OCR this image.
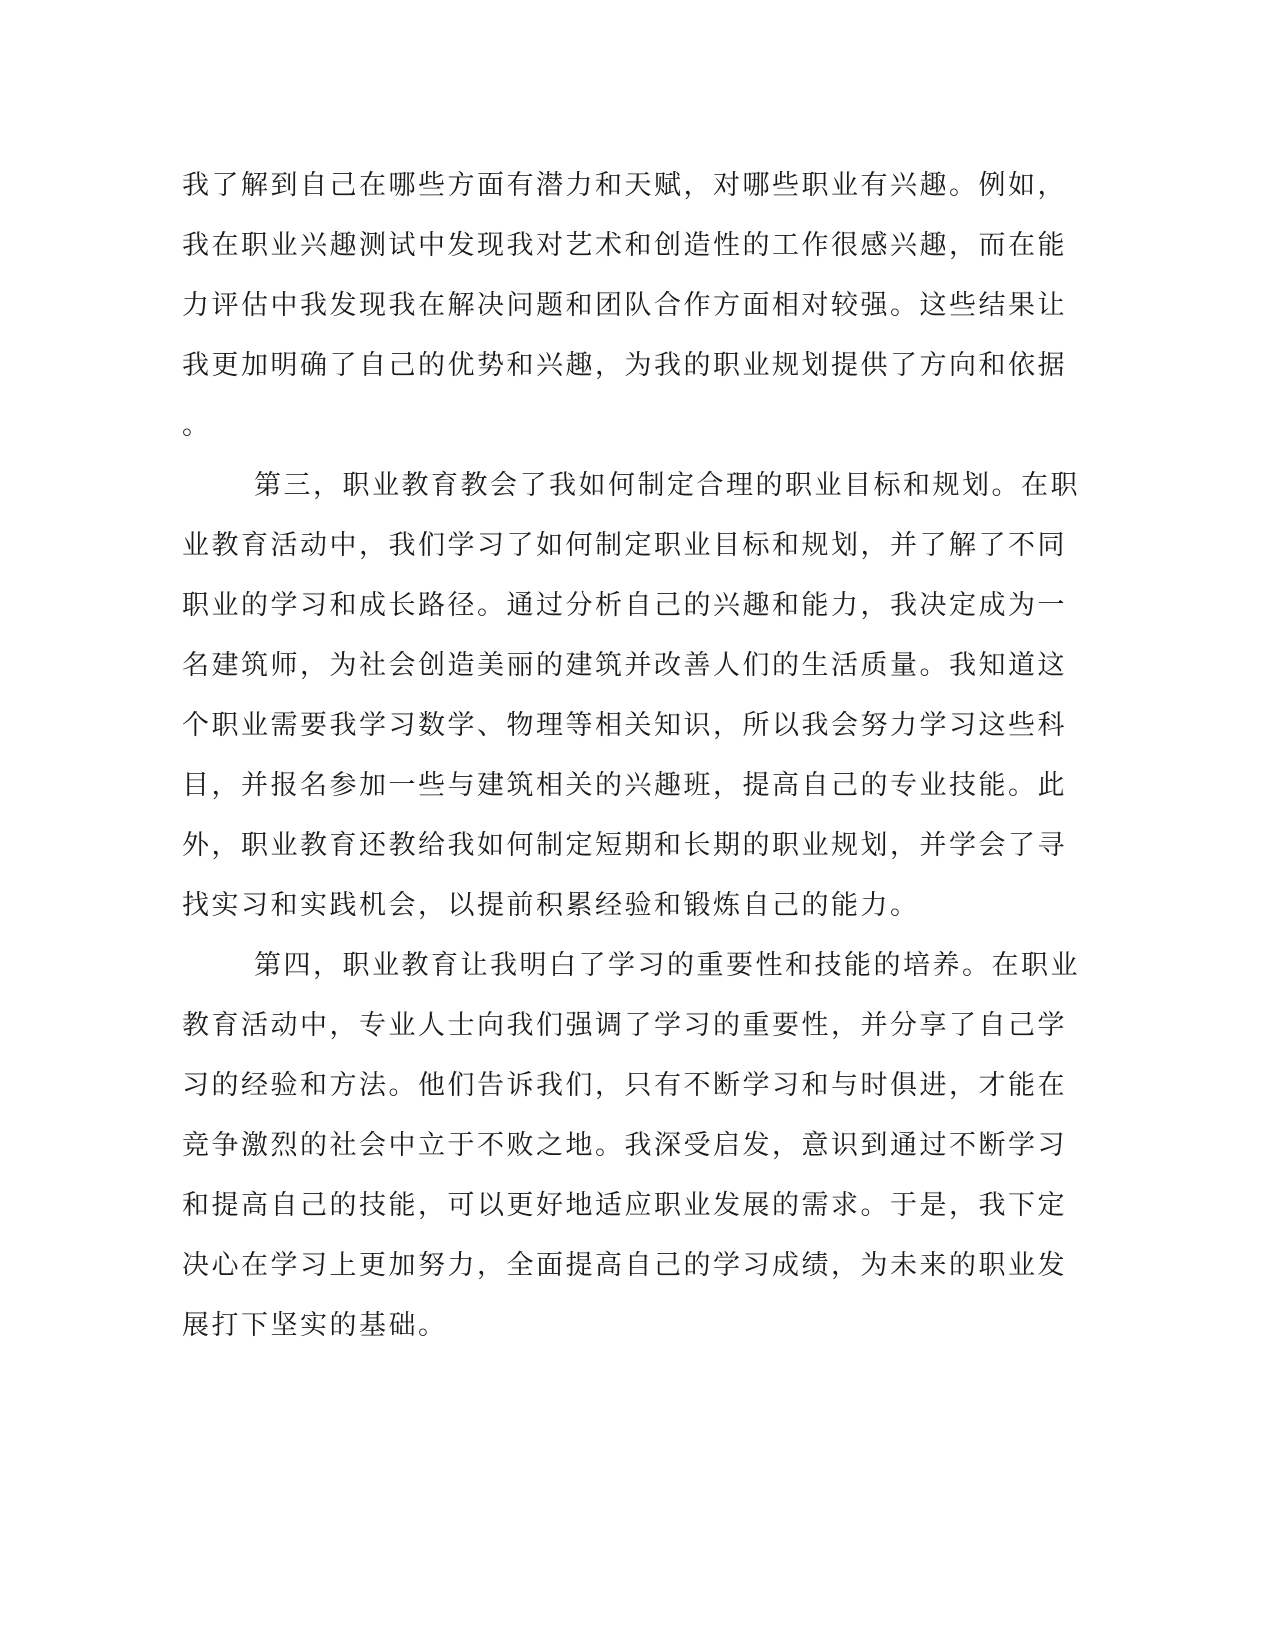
我了解到自己在哪些方面有潜力和天赋，对哪些职业有兴趣。例如，
我在职业兴趣测试中发现我对艺术和创造性的工作很感兴趣，而在能
力评估中我发现我在解决问题和团队合作方面相对较强。这些结果让
我更加明确了自己的优势和兴趣，为我的职业规划提供了方向和依据
。
第三，职业教育教会了我如何制定合理的职业目标和规划。在职
业教育活动中，我们学习了如何制定职业目标和规划，并了解了不同
职业的学习和成长路径。通过分析自己的兴趣和能力，我决定成为一
名建筑师，为社会创造美丽的建筑并改善人们的生活质量。我知道这
个职业需要我学习数学、物理等相关知识，所以我会努力学习这些科
目，并报名参加一些与建筑相关的兴趣班，提高自己的专业技能。此
外，职业教育还教给我如何制定短期和长期的职业规划，并学会了寻
找实习和实践机会，以提前积累经验和锻炼自己的能力。
第四，职业教育让我明白了学习的重要性和技能的培养。在职业
教育活动中，专业人士向我们强调了学习的重要性，并分享了自己学
习的经验和方法。他们告诉我们，只有不断学习和与时俱进，才能在
竞争激烈的社会中立于不败之地。我深受启发，意识到通过不断学习
和提高自己的技能，可以更好地适应职业发展的需求。于是，我下定
决心在学习上更加努力，全面提高自己的学习成绩，为未来的职业发
展打下坚实的基础。
